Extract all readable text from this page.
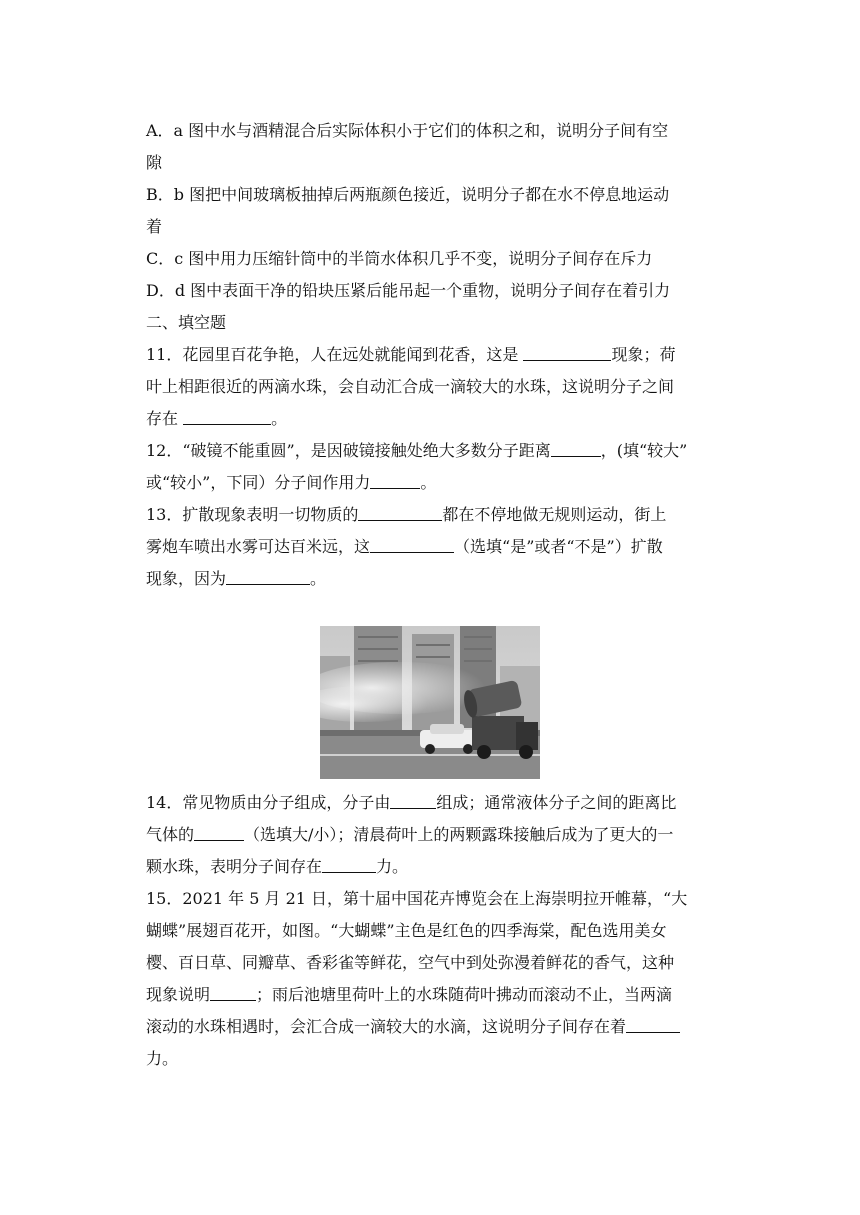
A．a 图中水与酒精混合后实际体积小于它们的体积之和，说明分子间有空
隙
B．b 图把中间玻璃板抽掉后两瓶颜色接近，说明分子都在水不停息地运动
着
C．c 图中用力压缩针筒中的半筒水体积几乎不变，说明分子间存在斥力
D．d 图中表面干净的铅块压紧后能吊起一个重物，说明分子间存在着引力
二、填空题
11．花园里百花争艳，人在远处就能闻到花香，这是	现象；荷
叶上相距很近的两滴水珠，会自动汇合成一滴较大的水珠，这说明分子之间
存在	。
12．“破镜不能重圆”，是因破镜接触处绝大多数分子距离	，(填“较大”
或“较小”，下同）分子间作用力	。
13．扩散现象表明一切物质的	都在不停地做无规则运动，街上
雾炮车喷出水雾可达百米远，这	（选填“是”或者“不是”）扩散
现象，因为	。
14．常见物质由分子组成，分子由	组成；通常液体分子之间的距离比
气体的	（选填大/小）；清晨荷叶上的两颗露珠接触后成为了更大的一
颗水珠，表明分子间存在	力。
15．2021 年 5 月 21 日，第十届中国花卉博览会在上海崇明拉开帷幕，“大
蝴蝶”展翅百花开，如图。“大蝴蝶”主色是红色的四季海棠，配色选用美女
樱、百日草、同瓣草、香彩雀等鲜花，空气中到处弥漫着鲜花的香气，这种
现象说明	；雨后池塘里荷叶上的水珠随荷叶拂动而滚动不止，当两滴
滚动的水珠相遇时，会汇合成一滴较大的水滴，这说明分子间存在着
力。
